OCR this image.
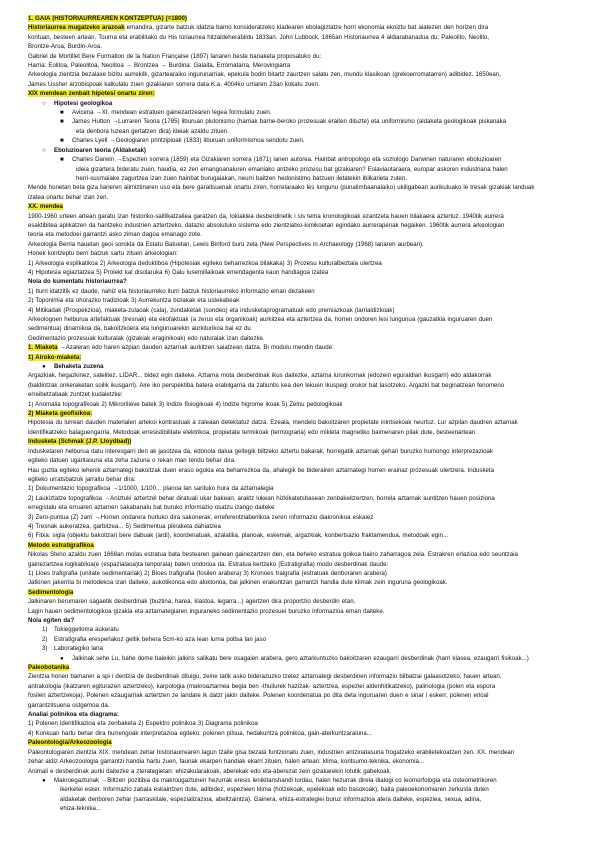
1. GAIA (HISTORIAURREAREN KONTZEPTUA) (=1800)

Historiaurrea mugatzeko arazoak emandira, gizarte batzuk idatzia barno konsideratzeko kladearen ebolagiztatze horri ekonomia ekoiztu bat aiatezen den horizen dira

kontuan, besteen artean. Tourna eta erabilitako du His toriaurrea hitzaldeherabildu 1833an. John Lubbock, 1865an Historiaurrea 4 aldiarabanadua du: Paleolito, Neolito,

Brontze-Aroa, Burdin-Aroa.

Gabriel de Mortillet Bere Formation de la Nation Française (1897) lanaren beste banaketa proposatuko du:

Harria: Eolitoa, Paleolitoa, Neolitoa → Brontzea → Burdina: Galaita, Erromatarra, Merovingiarra

Arkeologia zientzia bezalaxe bizitu aurrekilk, gizartearaiko ingurunarriak, epekula bodin bitartz zaurtzen salatu zen, mundu klasikoan (grekoerromatarren) adibidez. 1650ean,

James Ussher arzobispoak kalkulatu zuen gizakiaren sorrera data K.a. 4004ko urriaren 23an kokatu zuen.

XIX mendean zenbait hipotesi onartu ziren:

○	Hipotesi geologikoa
■	Avicena →XI. mendean estratuen gainezartzearen legea formulatu zuen.
■	James Hutton →Lurraren Teoria (1785) liburuan plutonismo (harriak barne-beroko prozesuak eraiten dituzte) eta uniformismo (aldaketa geologikoak piskanaka

eta denbora luzean gertatzen dira) ideiak azaldu zituen.

■	Charles Lyell →Geologiaren printzipioak (1833) liburuan uniformismoa sendotu zuen.
○	Eboluzioaren teoria (Aldaketak)
■	Charles Darwin →Espezien sorrera (1859) eta Gizakiaren sorrera (1871) lanen autorea. Hainbat antropologo eta soziologo Darwinen naturaren eboluzioaren

ideia gizartera bideratu zuen, haudia, ez zen emangoanaluren emaniako antzeko prozesu bat gizakiaren? Eslaviaotaraera, europar askoren industriana halen

herri-susmaiake zagurtzea izan zuen hainbat burugaiakan, neurri baitzen hedonistimo batzuen iletatekin ibilkarieta zuten.

Mende honetan beta giza liarieren alimiztinaren uso eta bere garaitsuenak onartu ziren, horrelaraako les lungunu (punalimbaanalaiko) ukiligabean aurikuluako le tresak gizakiak landuak

izatea onartu behar izan zen.

XX. mendea

1900-1960 urteen artean garatu izan historiko-saillikatzailea garatzen da, tokiaklea desberdinetik i sis tema kronologikoak ezantzeta hauen bilakaera aztertuz. 1940tik aurrera

esaktibitea aplikatzen da hantzeko industrien aztertzeko, datazio absolutuko sistema edo zientziatxo-kimikoetan egindako aurrerapenak hegaiken. 1960tik aurrera arkeologian

teoria eta metodoei garrantzi asko ziman dagoa emanago zote.

Arkeologia Berria hauetan geoi sorokla da Estatu Batuetan, Lewis Binford buru zela (New Perspectives in Archaeology (1968) lanaren aurbean).

Honek kontzeptu berri batzuk sartu zituen arkeologian:

1) Arkeologia espilkatikoa 2) Arkeologia deduktiboa (Hipotesiak egiteko beharrezkoa bilakaka) 3) Prozesu kulturalbeztala ulertzea

4) Hipotesia egiaztatzea 5) Prolekt kal disolaruka 6) Dalu lusemillaikoak emendagenta kaun handiagoa izatea

Nola do kumentatu historiaurrea?

1) Iturri idatzitik ez daude, nahiz eta historiaurreko iturri batzuk historiaurreko informazio eman dezakeen

2) Toponimia eta ohorazko tradizioak 3) Aurrekuntza biziakak eta ustekabeak

4) Mitikadak (Prospekzioa), miaketa-zulaoak (cala), zundaketak (sondeo) eta indusketaprogramatuak edo premiazkoak (larrialdizkoak)

Arkeologoen helburua artefaktuak (tresnak) eta ekofaktuak (a zerus eta organikoak) aurkitzea eta aztertzea da, horren ondoren lesi lungunua (gauzatkia inguruaren duen

sedimentua) dinamikoa da, bakoitzkoera eta lungunuarekin aurkiturikoa bai ez du

Gedimentazio prozesuak kulturalak (gizakiak eraginikoak) edo naturalak izan daitezke.

1. Miaketa →Azaleran edo haren azpian dauden aztarnak aurkitzen saiatzean datza. Bi modulu mendin daude:

1) Airoko-miaketa:

●	Behaketa zuzena

Argazkiak, hegazkinez, satelitez, LIDAR... bidez egin daiteke. Aztarna mota desberdinak ikus daitezke, aztarna lurunkornak (edozein eguraldian ikusgarri) edo aldakorrak

(baldintzak onkeraketan soilik ikusgarri). Aire iko perspektiba batera erabilgarria da zatiuntis kea den lekuen ikuspegi orokor bat lasotzeko. Argazki bat beginatzean fenomeno

erreibetzatiaak zuntzet kudaletzke:

1) Anomalia topografikoak 2) Mikrorilieve batek 3) Indize floiogikoak 4) Indize higrome ikoak 5) Zelnu pedologikoak

2) Miaketa geofisikoa:

Hipotesia du lurrean dauden materialen artekoi kontrastuak a zaleaan detektatuz datza. Ezeala, mendelo bakoitzaren propietate inintsekoak neurtuz. Lur azpilan daudren aztarnak

identifikatzeko balaguengarria. Metodoak erresistibilitate elektrikoa, propietate termikoak (termograria) edo mikleta magnetiko baimenaren pilak dute, besteenartean.

Indusketa (Schmak (J.P. Lloydbad))

Indusketaren helburua datu interesgarri den ak jasotzea da, edonola dalua geltegik biltzeko aztertu bakarak, horregatik aztarnak gehari buruzko humongo interprezazioak

egiteko datuen ugaritasuna eta zeha zazuna o rekan man tendu behar dira.

Hau guztia egiteko lehenik aztarnategi bakoitzak duen eraso egokia eta beharrezkoa da, ahalegik be biderairen aztarnategi horren erainaz prozesuak ulertzera. Indusketa

egiteko urratsbatzuk jarraitu behar dira:

1) Dokumentazio topografikoa →1/1000, 1/100... planoa lan sarituko hura da aztarnalegia

2) Laukiztatze topografikoa →Aniztuki aztertzel behar diratuali ukar bakean, araktz lukean hizkikatetsbasean zenbakeitzertzen, horrela aztarnak auntitzen hauen posiziona

erregistalu eta erruaren aztarnen sakabanalu bat buruko informazio osatzu izango daiteke

3) Zero-puntua (Z) zarri →Horren ondarera hurluko dira sakonerak, erreferentziaberilkoa zeren informazio diakronikoa eskaiez

4) Tresnak aukeratzea, garbitzea... 5) Sedimentua pikraketa dahiatzea

6) Fitxa: sigla (objektu bakoitzari bere dabuak (ardi), koordenatuak, azalatilia, planoak, eskemak, argazkiak, konbertsazio fraktamendua, metodoak egin...

Metodo estratigrafikoa

Nikolas Steno azaldu zuen 1668an molas estratua bata bestearen gainean gainezartzen den, eta beheko estratua goikoa baino zaharragoa zela. Estrakren erlazioa edo seuntzaia

gainezartzea logikabiloa(e (espazialaoa)ta tenporala) baten ondorioa da. Estratua kertzeko (Estratigrafia) modu desberdinak daude:

1) Lloes trafigrafia (unitate sedimentariak) 2) Bioes trafigrafia (fosilen arabera) 3) Kronoes traigrafia (estratuak denboraren arabera)

Jatkinen jakerrila bi metodekoa izan daiteke, aukotikonoa edo aloktonoa, bai jalkinen erakuntzan garrantzi handia dute klimak zein inguruna geologikoak.

Sedimentologia

Jalkinaren berumaren sagaetik desberdinak (buztina, harea, klastoa, legarra...) agertzen dira proportzio desberdin etan.

Lagin hauen sedimentologikoa gizakia eta aztarnategiaren inguraneko sedimentazio prozesuei buruzko informazioa eman daiteke.

Nola egiten da?

1)	Tokieggelloma aukeratu
2)	Estratigrafia eresperlakoz geltik behera 5cm-ko aza lean lurna poltsa lan jaso
3)	Laborategiko lana
●	Jalkinak sehe Lu, bahe dome baleikin jalkins salikatu bere osagaien arabera, gero aztarkuntuzko bakoitzaren ezaugarri desberdinak (harri klasea, ezaugarri fisikoak...)

Paleobotanika

Zientzia honen bamaren a spi i dentzia de desberdinak dituigu, zeine tatik asko biderazuzko tzetez aztarnategi desberdinen informazio bilbatzai galaasotzeko, hauen artean,

antrakologia (ikatzaren egiturazen aztertzeko), karpologia (makroaztarnea begia ben -thuilurek hazizak- aztertzea, espeziei aldenhitikatzeko), palinologia (polen eta espora

fosilen aztertzekoja). Polenen ezaugarriak aztertzen ze landare ik datzr jakin daiteke. Polenen koordenatua po dita deta inguruaren duen e sinar i eskerr, polenen erloal

garrantzitsuena ostgemoa da.

Analiai polinikoa eta diagrama:

1) Polenen identifikazioa eta zenbaketa 2) Espektro polinikoa 3) Diagrama polinikoa

4) Konkuan hartu behar dira hurrengoak interpretazioa egiteko: polenen pilsua, hedakuntza polinikoa, gain-aterkuntzaraluna...

Paleontologia/Arkeozoologia

Paleontologiaren zientzia XIX. mendean zehar historiaurrearen lagun tzaile gisa bezala funtzionatu zuen, industrien antzinatasuna frogatzeko erabiletekoatzen zen. XX. mendean

zehar aldiz Arkeozoologia garrantzi handia hartu zuen, faunak ekarpen handiak ekarri zituen, halen artean: klima, kontsumo-teknika, ekonomia...

Animali e desberdinak aurki daitezke a zterategietan: ehizakularakoak, aberekak edo eta-aberezat zein gizakarekin lotutik gabekoak.

●	Makroegaztunak →Biltzen pozitibia da makrougaztunen hezurrak eresis lenikitanshandi lurdau, halen hezurrak direla dialogi co leomorfologia eta osteometrikoren

ikerketei esker. Informazio zabala eskaintzen dute, adibidez, espezieen klima (hotzekoak, epelekoak edo basokoak), baita paleoekonomiaren zerkusta duten

aldaketak denboren zehar (sarraskitale, espezializazioa, abeltzaintza). Gainera, ehiza-estrategiei buruz informazioa atera daiteke, espeziea, sexua, adina,

ehiza-teknika...
